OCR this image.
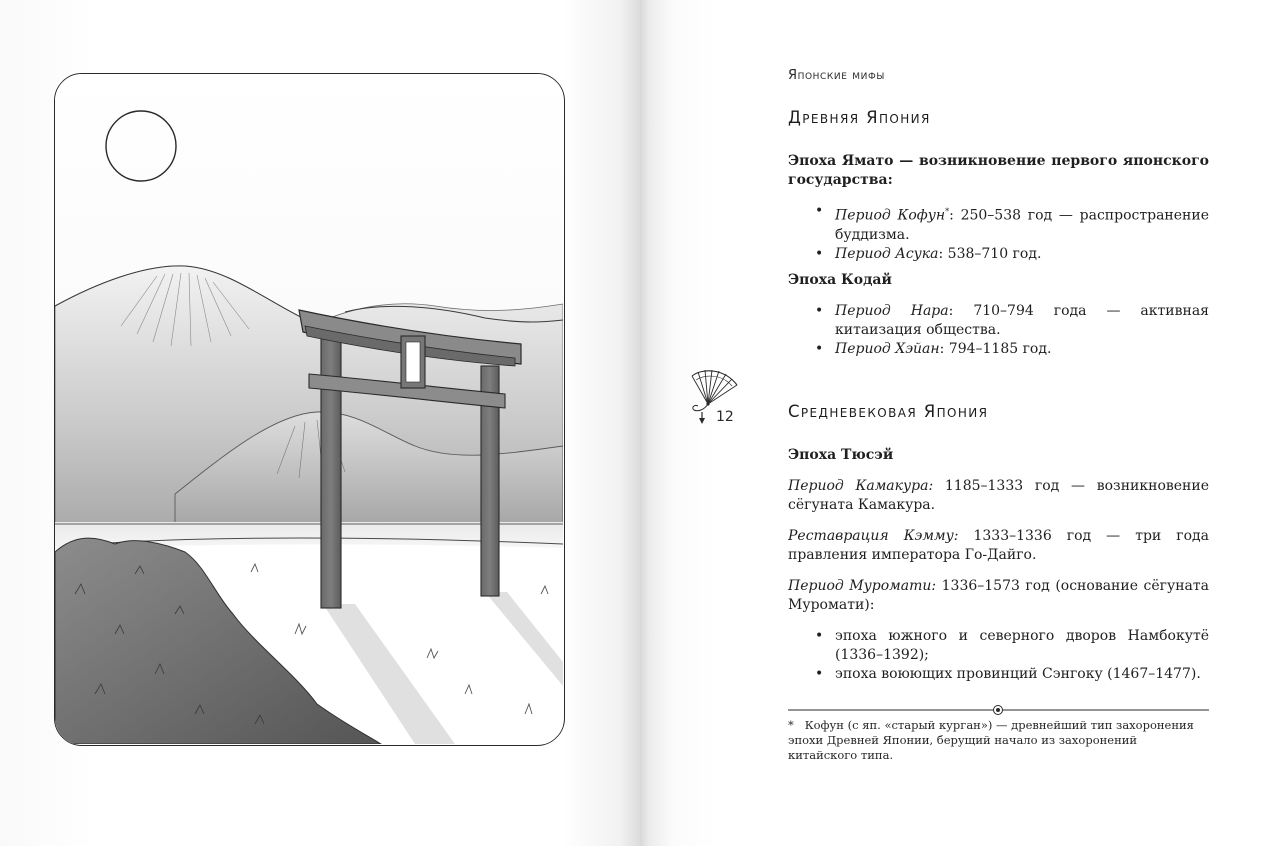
Японские мифы
Древняя Япония
Эпоха Ямато — возникновение первого японского государства:
• Период Кофун*: 250–538 год — распространение буддизма.
• Период Асука: 538–710 год.
Эпоха Кодай
• Период Нара: 710–794 года — активная китаизация общества.
• Период Хэйан: 794–1185 год.
12	Средневековая Япония
Эпоха Тюсэй
Период Камакура: 1185–1333 год — возникновение сёгуната Камакура.
Реставрация Кэмму: 1333–1336 год — три года правления императора Го-Дайго.
Период Муромати: 1336–1573 год (основание сёгуната Муромати):
• эпоха южного и северного дворов Намбокутё (1336–1392);
• эпоха воюющих провинций Сэнгоку (1467–1477).
* Кофун (с яп. «старый курган») — древнейший тип захоронения эпохи Древней Японии, берущий начало из захоронений китайского типа.
